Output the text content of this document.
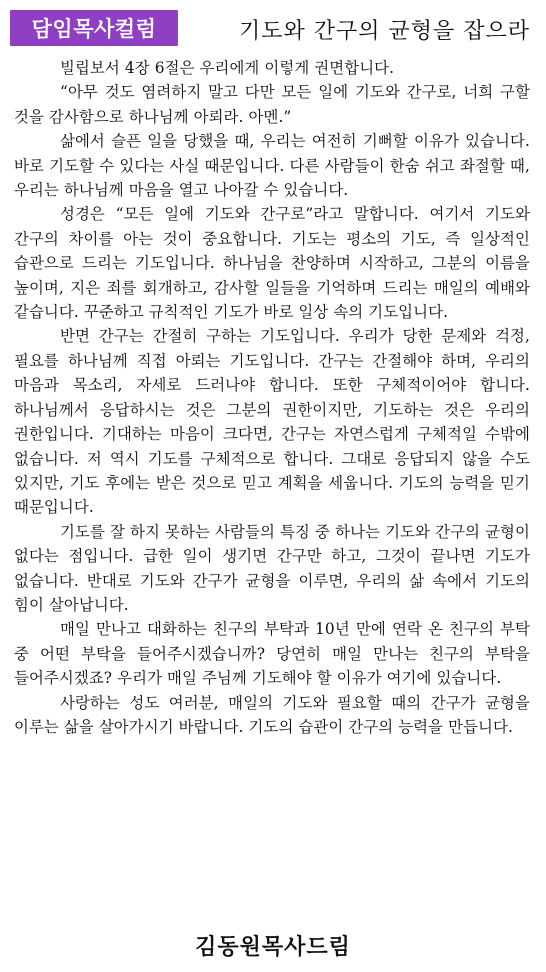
담임목사컬럼	기도와 간구의 균형을 잡으라

빌립보서 4장 6절은 우리에게 이렇게 권면합니다.

“아무 것도 염려하지 말고 다만 모든 일에 기도와 간구로, 너희 구할 것을 감사함으로 하나님께 아뢰라. 아멘.”

삶에서 슬픈 일을 당했을 때, 우리는 여전히 기뻐할 이유가 있습니다. 바로 기도할 수 있다는 사실 때문입니다. 다른 사람들이 한숨 쉬고 좌절할 때, 우리는 하나님께 마음을 열고 나아갈 수 있습니다.

성경은 “모든 일에 기도와 간구로”라고 말합니다. 여기서 기도와 간구의 차이를 아는 것이 중요합니다. 기도는 평소의 기도, 즉 일상적인 습관으로 드리는 기도입니다. 하나님을 찬양하며 시작하고, 그분의 이름을 높이며, 지은 죄를 회개하고, 감사할 일들을 기억하며 드리는 매일의 예배와 같습니다. 꾸준하고 규칙적인 기도가 바로 일상 속의 기도입니다.

반면 간구는 간절히 구하는 기도입니다. 우리가 당한 문제와 걱정, 필요를 하나님께 직접 아뢰는 기도입니다. 간구는 간절해야 하며, 우리의 마음과 목소리, 자세로 드러나야 합니다. 또한 구체적이어야 합니다. 하나님께서 응답하시는 것은 그분의 권한이지만, 기도하는 것은 우리의 권한입니다. 기대하는 마음이 크다면, 간구는 자연스럽게 구체적일 수밖에 없습니다. 저 역시 기도를 구체적으로 합니다. 그대로 응답되지 않을 수도 있지만, 기도 후에는 받은 것으로 믿고 계획을 세웁니다. 기도의 능력을 믿기 때문입니다.

기도를 잘 하지 못하는 사람들의 특징 중 하나는 기도와 간구의 균형이 없다는 점입니다. 급한 일이 생기면 간구만 하고, 그것이 끝나면 기도가 없습니다. 반대로 기도와 간구가 균형을 이루면, 우리의 삶 속에서 기도의 힘이 살아납니다.

매일 만나고 대화하는 친구의 부탁과 10년 만에 연락 온 친구의 부탁 중 어떤 부탁을 들어주시겠습니까? 당연히 매일 만나는 친구의 부탁을 들어주시겠죠? 우리가 매일 주님께 기도해야 할 이유가 여기에 있습니다.

사랑하는 성도 여러분, 매일의 기도와 필요할 때의 간구가 균형을 이루는 삶을 살아가시기 바랍니다. 기도의 습관이 간구의 능력을 만듭니다.

김동원목사드림
